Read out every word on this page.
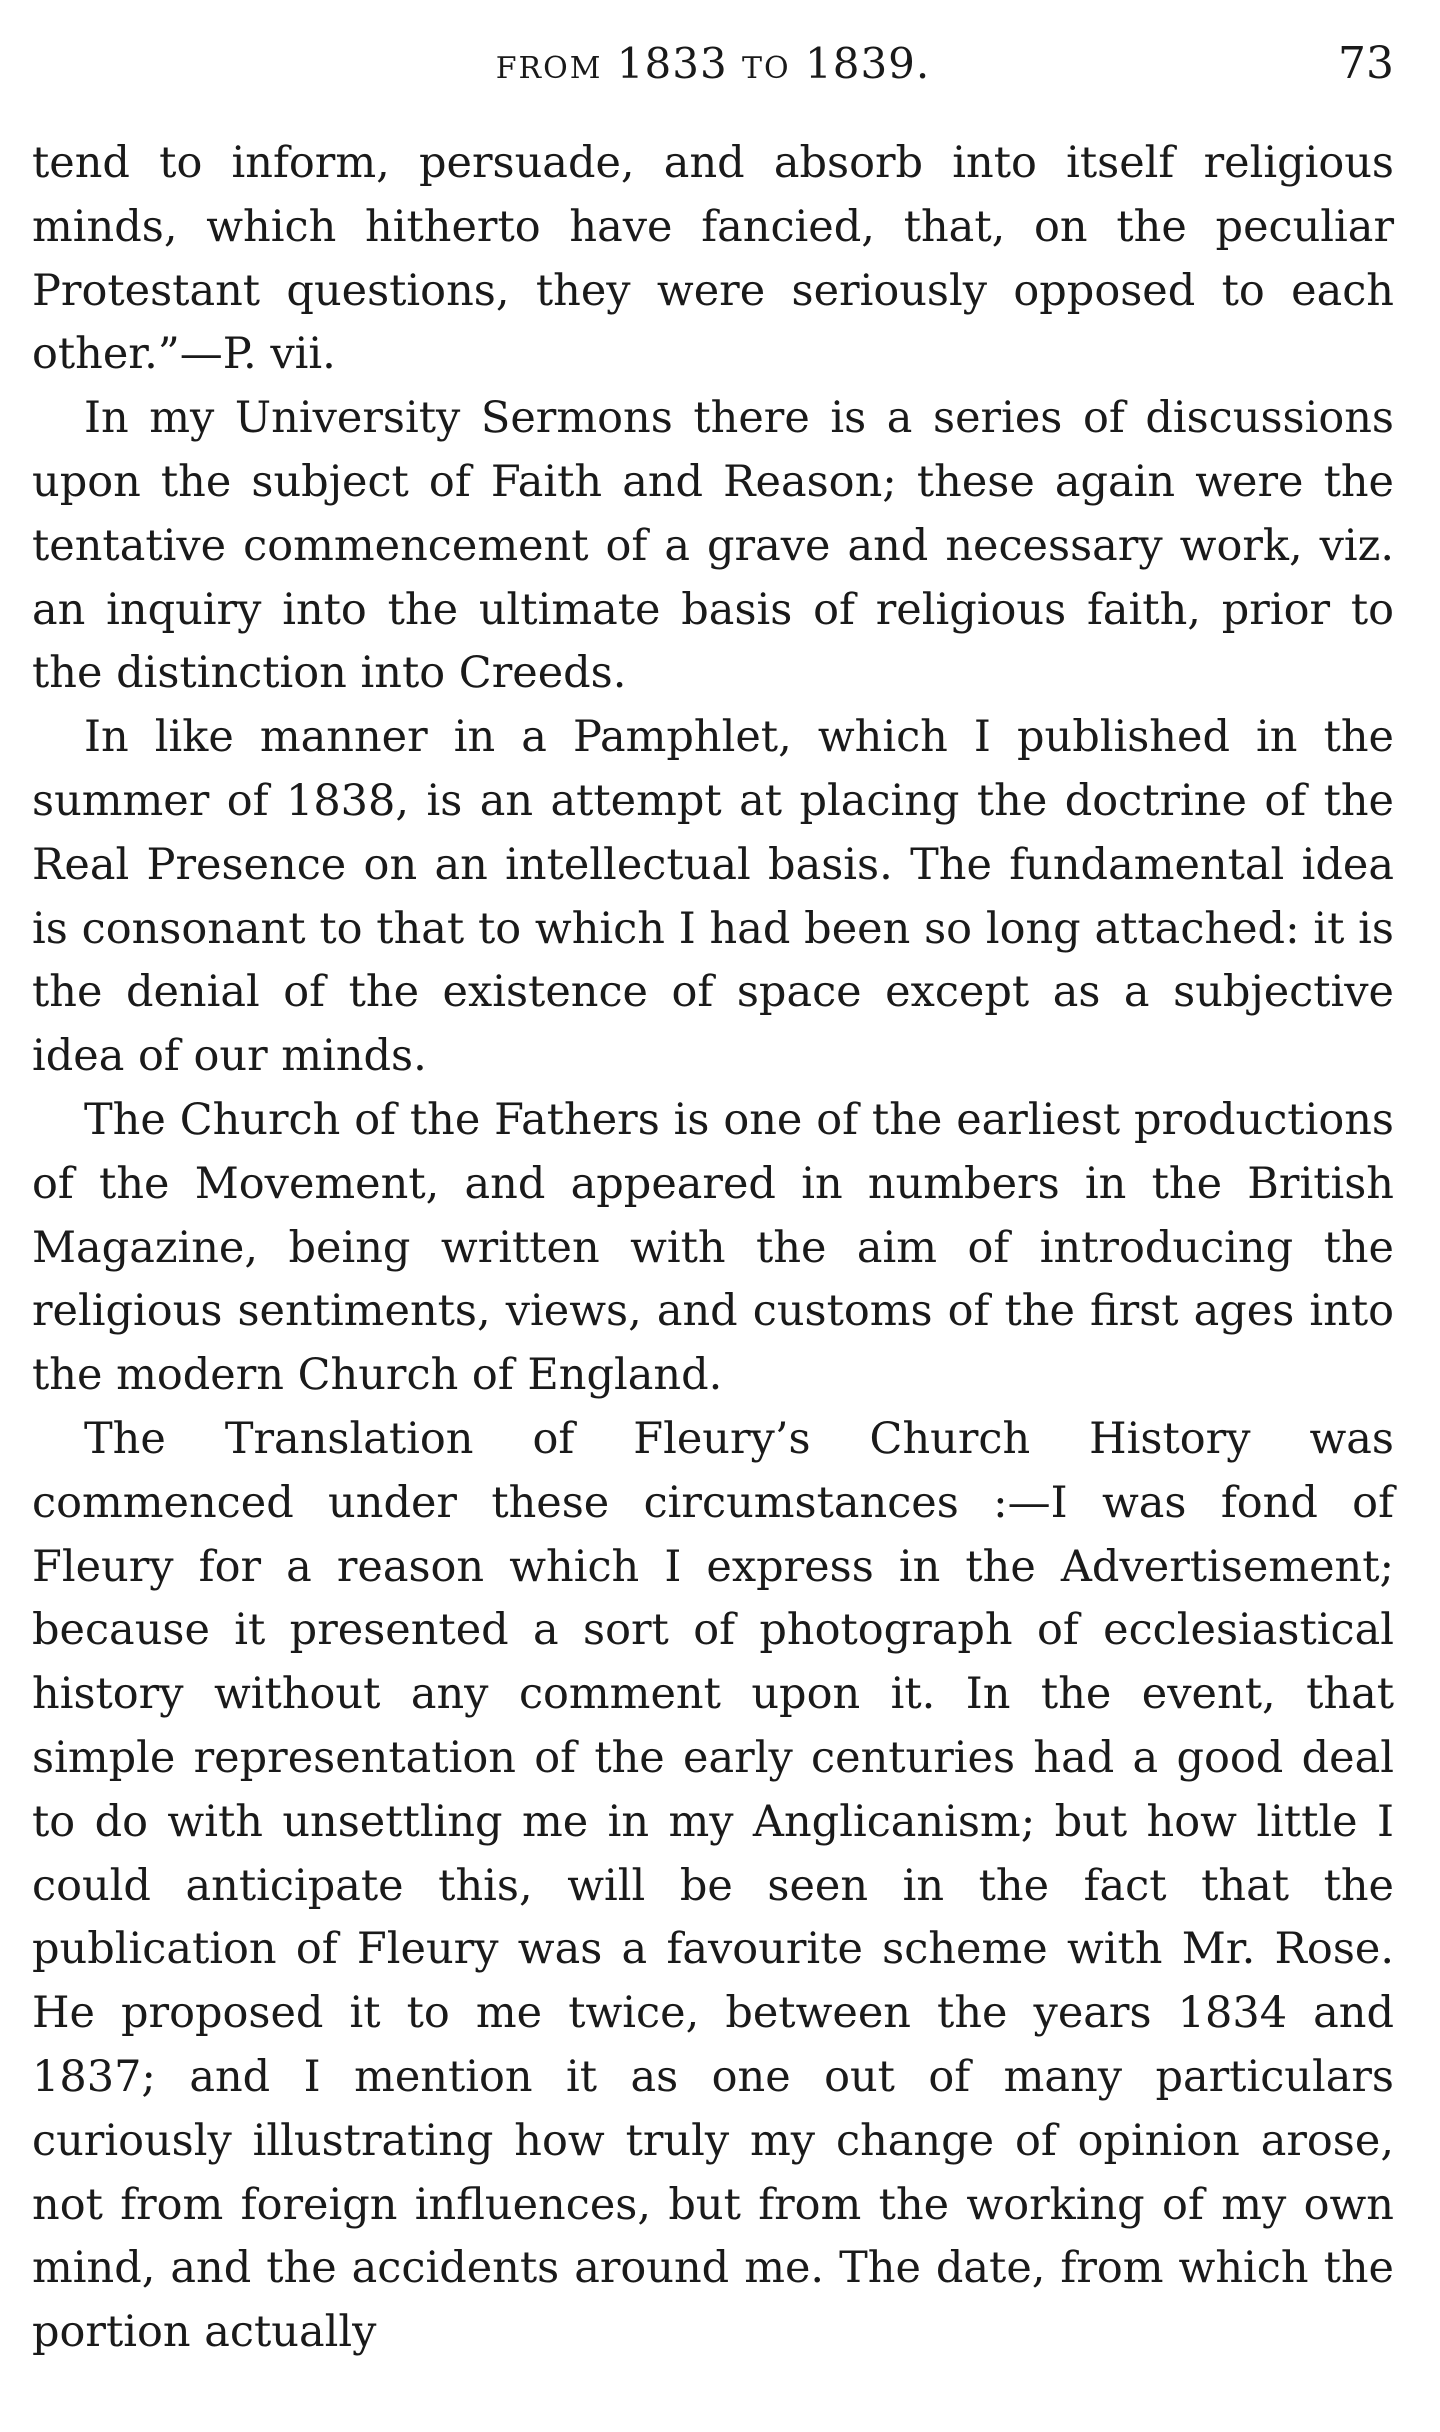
FROM 1833 TO 1839.	73

tend to inform, persuade, and absorb into itself religious minds, which hitherto have fancied, that, on the peculiar Protestant questions, they were seriously opposed to each other.”—P. vii.

In my University Sermons there is a series of discussions upon the subject of Faith and Reason; these again were the tentative commencement of a grave and necessary work, viz. an inquiry into the ultimate basis of religious faith, prior to the distinction into Creeds.

In like manner in a Pamphlet, which I published in the summer of 1838, is an attempt at placing the doctrine of the Real Presence on an intellectual basis. The fundamental idea is consonant to that to which I had been so long attached: it is the denial of the existence of space except as a subjective idea of our minds.

The Church of the Fathers is one of the earliest productions of the Movement, and appeared in numbers in the British Magazine, being written with the aim of introducing the religious sentiments, views, and customs of the first ages into the modern Church of England.

The Translation of Fleury’s Church History was commenced under these circumstances :—I was fond of Fleury for a reason which I express in the Advertisement; because it presented a sort of photograph of ecclesiastical history without any comment upon it. In the event, that simple representation of the early centuries had a good deal to do with unsettling me in my Anglicanism; but how little I could anticipate this, will be seen in the fact that the publication of Fleury was a favourite scheme with Mr. Rose. He proposed it to me twice, between the years 1834 and 1837; and I mention it as one out of many particulars curiously illustrating how truly my change of opinion arose, not from foreign influences, but from the working of my own mind, and the accidents around me. The date, from which the portion actually
